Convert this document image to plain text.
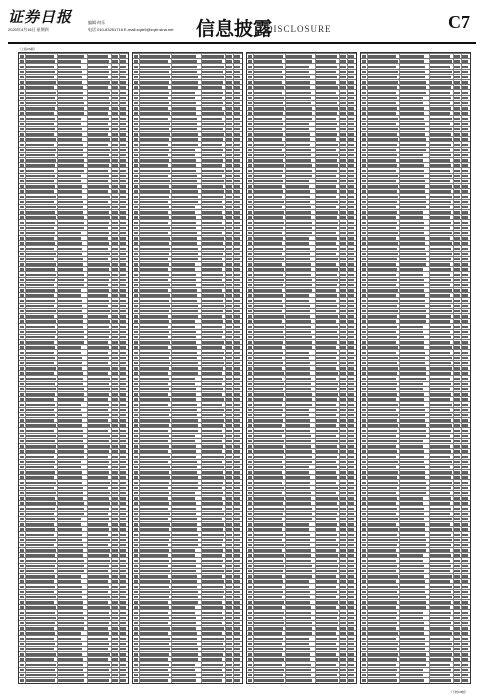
证券日报
2020年4月16日 星期四
编辑 何乐
电话 010-83251716 E-mail:zqrb9@zqrb.sina.net 信息披露
DISCLOSURE	C7
（上接C6版）
（下转C8版）
